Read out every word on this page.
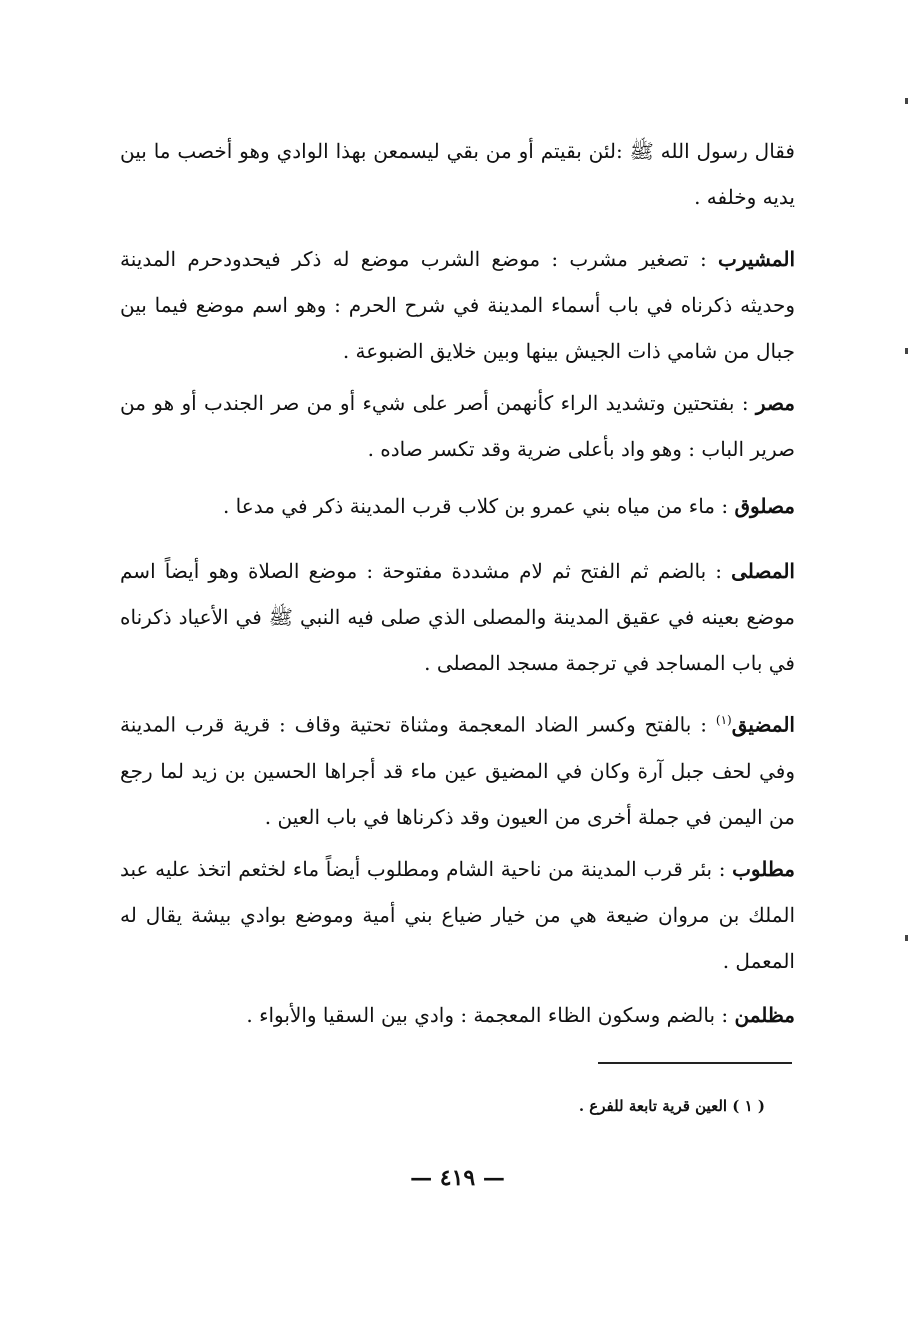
فقال رسول الله ﷺ :لئن بقيتم أو من بقي ليسمعن بهذا الوادي وهو أخصب ما بين يديه وخلفه .

المشيرب : تصغير مشرب : موضع الشرب موضع له ذكر فيحدودحرم المدينة وحديثه ذكرناه في باب أسماء المدينة في شرح الحرم : وهو اسم موضع فيما بين جبال من شامي ذات الجيش بينها وبين خلايق الضبوعة .

مصر : بفتحتين وتشديد الراء كأنهمن أصر على شيء أو من صر الجندب أو هو من صرير الباب : وهو واد بأعلى ضرية وقد تكسر صاده .

مصلوق : ماء من مياه بني عمرو بن كلاب قرب المدينة ذكر في مدعا .

المصلى : بالضم ثم الفتح ثم لام مشددة مفتوحة : موضع الصلاة وهو أيضاً اسم موضع بعينه في عقيق المدينة والمصلى الذي صلى فيه النبي ﷺ في الأعياد ذكرناه في باب المساجد في ترجمة مسجد المصلى .

المضيق$^{(١)}$ : بالفتح وكسر الضاد المعجمة ومثناة تحتية وقاف : قرية قرب المدينة وفي لحف جبل آرة وكان في المضيق عين ماء قد أجراها الحسين بن زيد لما رجع من اليمن في جملة أخرى من العيون وقد ذكرناها في باب العين .

مطلوب : بئر قرب المدينة من ناحية الشام ومطلوب أيضاً ماء لخثعم اتخذ عليه عبد الملك بن مروان ضيعة هي من خيار ضياع بني أمية وموضع بوادي بيشة يقال له المعمل .

مظلمن : بالضم وسكون الظاء المعجمة : وادي بين السقيا والأبواء .

( ١ ) العين قرية تابعة للفرع .
— ٤١٩ —
